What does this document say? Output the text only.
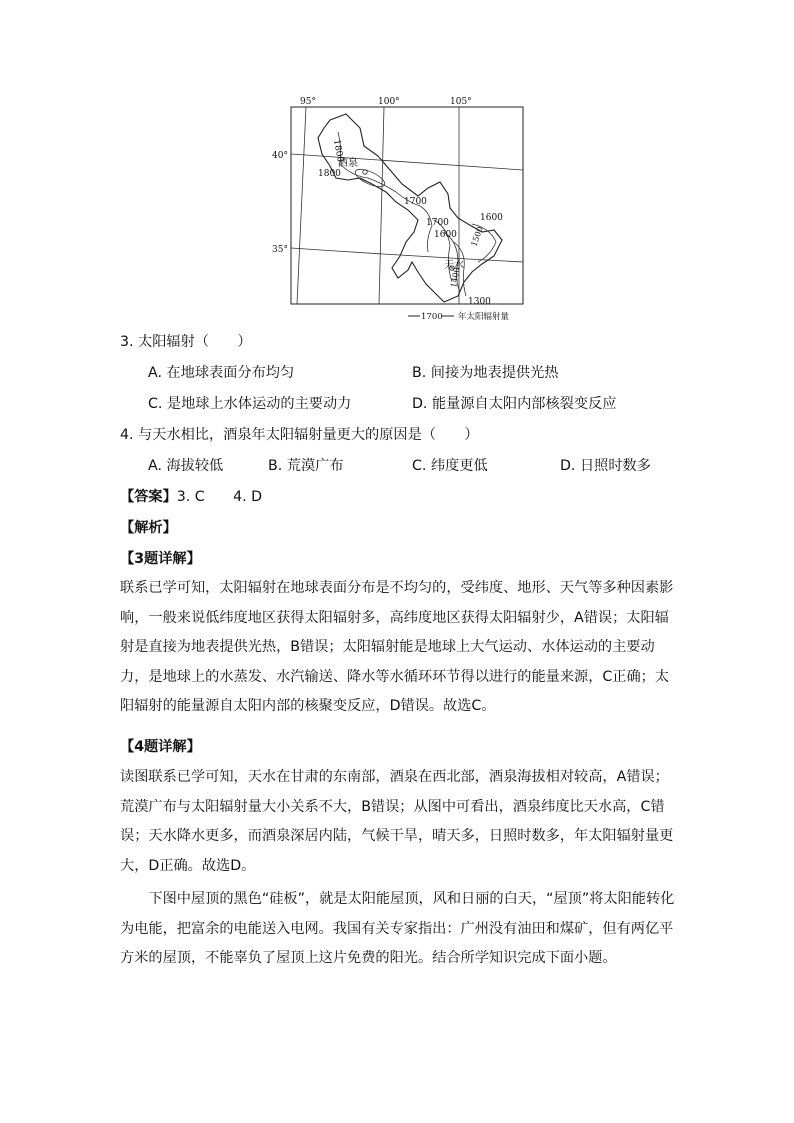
95°	100°	105°
40°
35°
1800
1800
1700
1700	1600
1600 1500
1400
1300
酒泉
天水
1700 年太阳辐射量
3. 太阳辐射（　　）
A. 在地球表面分布均匀	B. 间接为地表提供光热
C. 是地球上水体运动的主要动力	D. 能量源自太阳内部核裂变反应
4. 与天水相比，酒泉年太阳辐射量更大的原因是（　　）
A. 海拔较低	B. 荒漠广布	C. 纬度更低	D. 日照时数多
【答案】3. C　　4. D
【解析】
【3题详解】

联系已学可知，太阳辐射在地球表面分布是不均匀的，受纬度、地形、天气等多种因素影响，一般来说低纬度地区获得太阳辐射多，高纬度地区获得太阳辐射少，A错误；太阳辐射是直接为地表提供光热，B错误；太阳辐射能是地球上大气运动、水体运动的主要动力，是地球上的水蒸发、水汽输送、降水等水循环环节得以进行的能量来源，C正确；太阳辐射的能量源自太阳内部的核聚变反应，D错误。故选C。

【4题详解】

读图联系已学可知，天水在甘肃的东南部，酒泉在西北部，酒泉海拔相对较高，A错误；荒漠广布与太阳辐射量大小关系不大，B错误；从图中可看出，酒泉纬度比天水高，C错误；天水降水更多，而酒泉深居内陆，气候干旱，晴天多，日照时数多，年太阳辐射量更大，D正确。故选D。

　　下图中屋顶的黑色“硅板”，就是太阳能屋顶，风和日丽的白天，“屋顶”将太阳能转化为电能，把富余的电能送入电网。我国有关专家指出：广州没有油田和煤矿，但有两亿平方米的屋顶，不能辜负了屋顶上这片免费的阳光。结合所学知识完成下面小题。
